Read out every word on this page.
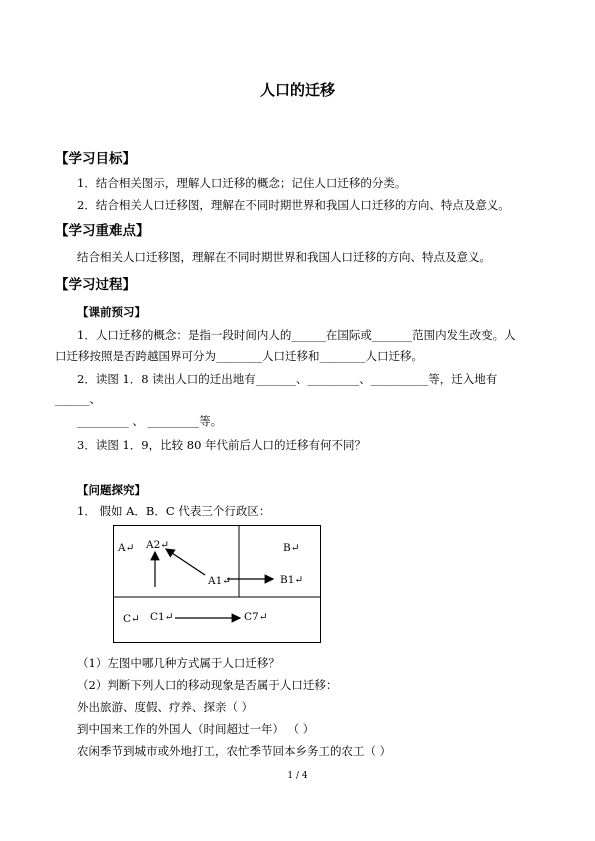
人口的迁移
【学习目标】
1．结合相关图示，理解人口迁移的概念；记住人口迁移的分类。
2．结合相关人口迁移图，理解在不同时期世界和我国人口迁移的方向、特点及意义。
【学习重难点】
结合相关人口迁移图，理解在不同时期世界和我国人口迁移的方向、特点及意义。
【学习过程】
【课前预习】
1．人口迁移的概念：是指一段时间内人的______在国际或_______范围内发生改变。人
口迁移按照是否跨越国界可分为________人口迁移和________人口迁移。
2．读图 1．8 读出人口的迁出地有_______、_________、__________等，迁入地有
______、
_________ 、 _________等。
3．读图 1．9，比较 80 年代前后人口的迁移有何不同？
【问题探究】
1． 假如 A．B．C 代表三个行政区：
A↵ A2↵
A1↵
B↵
B1↵
C↵ C1↵	C7↵
（1）左图中哪几种方式属于人口迁移？
（2）判断下列人口的移动现象是否属于人口迁移：
外出旅游、度假、疗养、探亲（ ）
到中国来工作的外国人（时间超过一年） （ ）
农闲季节到城市或外地打工，农忙季节回本乡务工的农工（ ）
1 / 4
